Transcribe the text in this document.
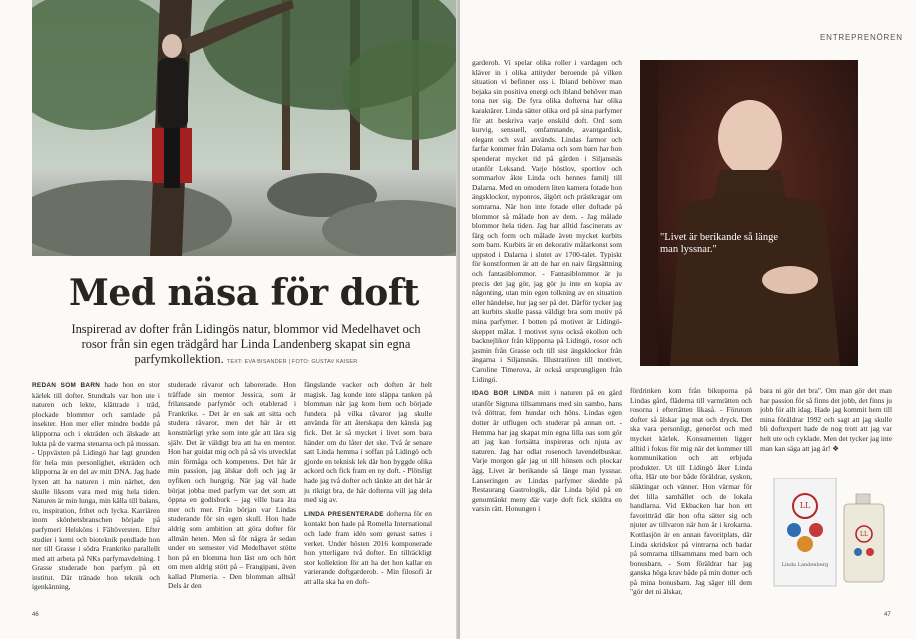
Med näsa för doft
Inspirerad av dofter från Lidingös natur, blommor vid Medelhavet och rosor från sin egen trädgård har Linda Landenberg skapat sin egna parfymkollektion. TEXT: EVA BISANDER | FOTO: GUSTAV KAISER

REDAN SOM BARN hade hon en stor kärlek till dofter. Stundtals var hon ute i naturen och lekte, klättrade i träd, plockade blommor och samlade på insekter. Hon mer eller mindre bodde på klipporna och i ekträden och älskade att lukta på de varma stenarna och på mossan. - Uppväxten på Lidingö har lagt grunden för hela min personlighet, ekträden och klipporna är en del av mitt DNA. Jag hade lyxen att ha naturen i min närhet, den skulle liksom vara med mig hela tiden. Naturen är min lunga, min källa till balans, ro, inspiration, frihet och lycka. Karriären inom skönhetsbranschen började på parfymeri Helsköns i Fältöversten. Efter studier i kemi och bioteknik pendlade hon ner till Grasse i södra Frankrike parallellt med att arbeta på NKs parfymavdelning. I Grasse studerade hon parfym på ett institut. Där tränade hon teknik och igenkänning,

studerade råvaror och laborerade. Hon träffade sin mentor Jessica, som är frilansande parfymör och etablerad i Frankrike. - Det är en sak att sitta och studera råvaror, men det här är ett konstnärligt yrke som inte går att lära sig själv. Det är väldigt bra att ha en mentor. Hon har guidat mig och på så vis utvecklat min förmåga och kompetens. Det här är min passion, jag älskar doft och jag är nyfiken och hungrig. När jag väl hade börjat jobba med parfym var det som att öppna en godisburk – jag ville bara äta mer och mer. Från början var Lindas studerande för sin egen skull. Hon hade aldrig som ambition att göra dofter för allmän heten. Men så för några år sedan under en semester vid Medelhavet stötte hon på en blomma hon läst om och hört om men aldrig stött på – Frangipani, även kallad Plumeria. - Den blomman alltså! Dels är den

fängslande vacker och doften är helt magisk. Jag kunde inte släppa tanken på blomman när jag kom hem och började fundera på vilka råvaror jag skulle använda för att återskapa den känsla jag fick. Det är så mycket i livet som bara händer om du låter det ske. Två år senare satt Linda hemma i soffan på Lidingö och gjorde en teknisk lek där hon byggde olika ackord och fick fram en ny doft. - Plötsligt hade jag två dofter och tänkte att det här är ju riktigt bra, de här dofterna vill jag dela med sig av.

LINDA PRESENTERADE dofterna för en kontakt hon hade på Romella International och lade fram idén som genast sattes i verket. Under hösten 2016 komponerade hon ytterligare två dofter. En tillräckligt stor kollektion för att ha det hon kallar en varierande doftgarderob. - Min filosofi är att alla ska ha en doft-

46
ENTREPRENÖREN

garderob. Vi spelar olika roller i vardagen och kläver in i olika attityder beroende på vilken situation vi befinner oss i. Ibland behöver man bejaka sin positiva energi och ibland behöver man tona ner sig. De fyra olika dofterna har olika karaktärer. Linda sätter olika ord på sina parfymer för att beskriva varje enskild doft. Ord som kurvig, sensuell, omfamnande, avantgardisk, elegant och sval används. Lindas farmor och farfar kommer från Dalarna och som barn har hon spenderat mycket tid på gården i Siljansnäs utanför Leksand. Varje höstlov, sportlov och sommarlov åkte Linda och hennes familj till Dalarna. Med en omodern liten kamera fotade hon ängsklockor, nyponros, älgört och prästkragar om somrarna. När hon inte fotade eller doftade på blommor så målade hon av dem. - Jag målade blommor hela tiden. Jag har alltid fascinerats av färg och form och målade även mycket kurbits som barn. Kurbits är en dekorativ målarkonst som uppstod i Dalarna i slutet av 1700-talet. Typiskt för konstformen är att de har en naiv färgsättning och fantasiblommor. - Fantasiblommor är ju precis det jag gör, jag gör ju inte en kopia av någonting, utan min egen tolkning av en situation eller händelse, hur jag ser på det. Därför tycker jag att kurbits skulle passa väldigt bra som motiv på mina parfymer. I botten på motivet är Lidingö-skeppet målat. I motivet syns också ekollon och backnejlikor från klipporna på Lidingö, rosor och jasmin från Grasse och till sist ängsklockor från ängarna i Siljansnäs. Illustratören till motivet, Caroline Timerova, är också ursprungligen från Lidingö.

IDAG BOR LINDA mitt i naturen på en gård utanför Sigtuna tillsammans med sin sambo, hans två döttrar, fem hundar och höns. Lindas egen dotter är utflugen och studerar på annan ort. - Hemma har jag skapat min egna lilla oas som gör att jag kan fortsätta inspireras och njuta av naturen. Jag har odlat rosenoch lavendelbuskar. Varje morgon går jag ut till hönsen och plockar ägg. Livet är berikande så länge man lyssnar. Lanseringen av Lindas parfymer skedde på Restaurang Gastrologik, där Linda bjöd på en genomtänkt meny där varje doft fick skildra en varsin rätt. Honungen i

"Livet är berikande så länge man lyssnar."

fördrinken kom från bikuporna på Lindas gård, fläderna till varmrätten och rosorna i efterrätten likaså. - Förutom dofter så älskar jag mat och dryck. Det ska vara personligt, generöst och med mycket kärlek. Konsumenten ligger alltid i fokus för mig när det kommer till kommunikation och att erbjuda produkter. Ut till Lidingö åker Linda ofta. Här ute bor både föräldrar, syskon, släktingar och vänner. Hon värmar för det lilla samhället och de lokala handlarna. Vid Ekbacken har hon ett favoritträd där hon ofta sätter sig och njuter av tillvaron när hon är i krokarna. Kottlasjön är en annan favoritplats, där Linda skridskor på vintrarna och badar på somrarna tillsammans med barn och bonusbarn. - Som föräldrar har jag ganska höga krav både på min dotter och på mina bonusbarn. Jag säger till dem "gör det ni älskar,

bara ni gör det bra". Om man gör det man har passion för så finns det jobb, det finns ju jobb för allt idag. Hade jag kommit hem till mina föräldrar 1992 och sagt att jag skulle bli doftexpert hade de nog trott att jag var helt ute och cyklade. Men det tycker jag inte man kan säga att jag är! ❖

LL
Linda Landenberg
LL
47
